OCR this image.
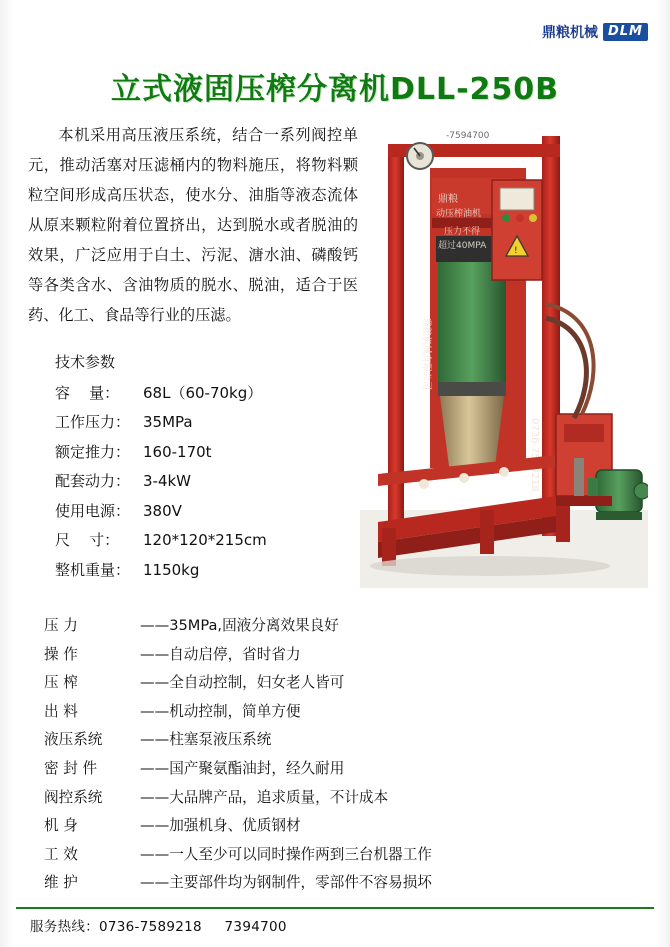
鼎粮机械 DLM
立式液固压榨分离机DLL-250B
本机采用高压液压系统，结合一系列阀控单元，推动活塞对压滤桶内的物料施压，将物料颗粒空间形成高压状态，使水分、油脂等液态流体从原来颗粒附着位置挤出，达到脱水或者脱油的效果，广泛应用于白土、污泥、溏水油、磷酸钙等各类含水、含油物质的脱水、脱油，适合于医药、化工、食品等行业的压滤。
技术参数
容    量：	68L（60-70kg）
工作压力： 35MPa
额定推力： 160-170t
配套动力： 3-4kW
使用电源： 380V
尺    寸：	120*120*215cm
整机重量： 1150kg
-7594700
鼎粮
动压榨油机
压力不得
超过40MPA	!
0736-7589218
鼎粮机械有限公司
压 力	——35MPa,固液分离效果良好
操 作	——自动启停，省时省力
压 榨	——全自动控制，妇女老人皆可
出 料	——机动控制，简单方便
液压系统	——柱塞泵液压系统
密 封 件	——国产聚氨酯油封，经久耐用
阀控系统	——大品牌产品，追求质量，不计成本
机 身	——加强机身、优质钢材
工 效	——一人至少可以同时操作两到三台机器工作
维 护	——主要部件均为钢制件，零部件不容易损坏
服务热线：0736-7589218 7394700
